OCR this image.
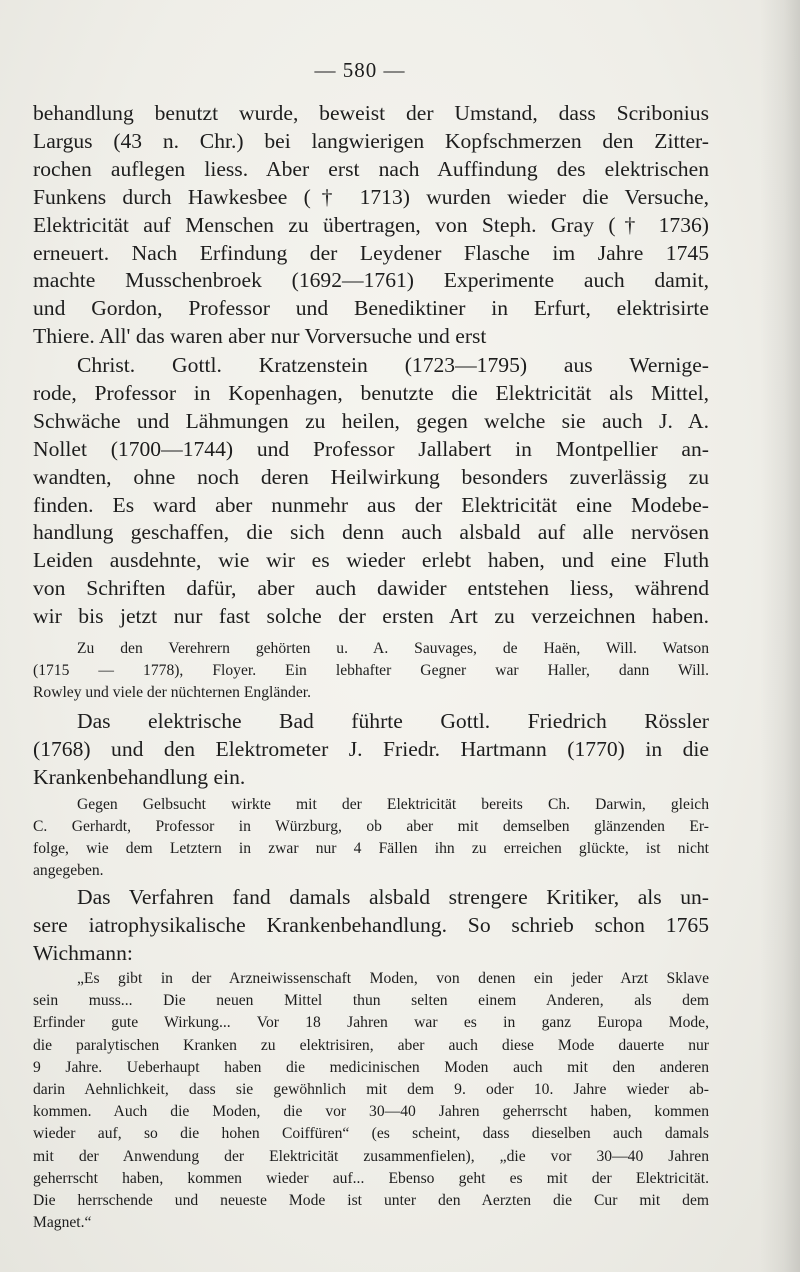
— 580 —
behandlung benutzt wurde, beweist der Umstand, dass Scribonius
Largus (43 n. Chr.) bei langwierigen Kopfschmerzen den Zitter-
rochen auflegen liess. Aber erst nach Auffindung des elektrischen
Funkens durch Hawkesbee († 1713) wurden wieder die Versuche,
Elektricität auf Menschen zu übertragen, von Steph. Gray († 1736)
erneuert. Nach Erfindung der Leydener Flasche im Jahre 1745
machte Musschenbroek (1692—1761) Experimente auch damit,
und Gordon, Professor und Benediktiner in Erfurt, elektrisirte
Thiere. All' das waren aber nur Vorversuche und erst
Christ. Gottl. Kratzenstein (1723—1795) aus Wernige-
rode, Professor in Kopenhagen, benutzte die Elektricität als Mittel,
Schwäche und Lähmungen zu heilen, gegen welche sie auch J. A.
Nollet (1700—1744) und Professor Jallabert in Montpellier an-
wandten, ohne noch deren Heilwirkung besonders zuverlässig zu
finden. Es ward aber nunmehr aus der Elektricität eine Modebe-
handlung geschaffen, die sich denn auch alsbald auf alle nervösen
Leiden ausdehnte, wie wir es wieder erlebt haben, und eine Fluth
von Schriften dafür, aber auch dawider entstehen liess, während
wir bis jetzt nur fast solche der ersten Art zu verzeichnen haben.
Zu den Verehrern gehörten u. A. Sauvages, de Haën, Will. Watson
(1715 — 1778), Floyer. Ein lebhafter Gegner war Haller, dann Will.
Rowley und viele der nüchternen Engländer.
Das elektrische Bad führte Gottl. Friedrich Rössler
(1768) und den Elektrometer J. Friedr. Hartmann (1770) in die
Krankenbehandlung ein.
Gegen Gelbsucht wirkte mit der Elektricität bereits Ch. Darwin, gleich
C. Gerhardt, Professor in Würzburg, ob aber mit demselben glänzenden Er-
folge, wie dem Letztern in zwar nur 4 Fällen ihn zu erreichen glückte, ist nicht
angegeben.
Das Verfahren fand damals alsbald strengere Kritiker, als un-
sere iatrophysikalische Krankenbehandlung. So schrieb schon 1765
Wichmann:
„Es gibt in der Arzneiwissenschaft Moden, von denen ein jeder Arzt Sklave
sein muss... Die neuen Mittel thun selten einem Anderen, als dem
Erfinder gute Wirkung... Vor 18 Jahren war es in ganz Europa Mode,
die paralytischen Kranken zu elektrisiren, aber auch diese Mode dauerte nur
9 Jahre. Ueberhaupt haben die medicinischen Moden auch mit den anderen
darin Aehnlichkeit, dass sie gewöhnlich mit dem 9. oder 10. Jahre wieder ab-
kommen. Auch die Moden, die vor 30—40 Jahren geherrscht haben, kommen
wieder auf, so die hohen Coiffüren“ (es scheint, dass dieselben auch damals
mit der Anwendung der Elektricität zusammenfielen), „die vor 30—40 Jahren
geherrscht haben, kommen wieder auf... Ebenso geht es mit der Elektricität.
Die herrschende und neueste Mode ist unter den Aerzten die Cur mit dem
Magnet.“
